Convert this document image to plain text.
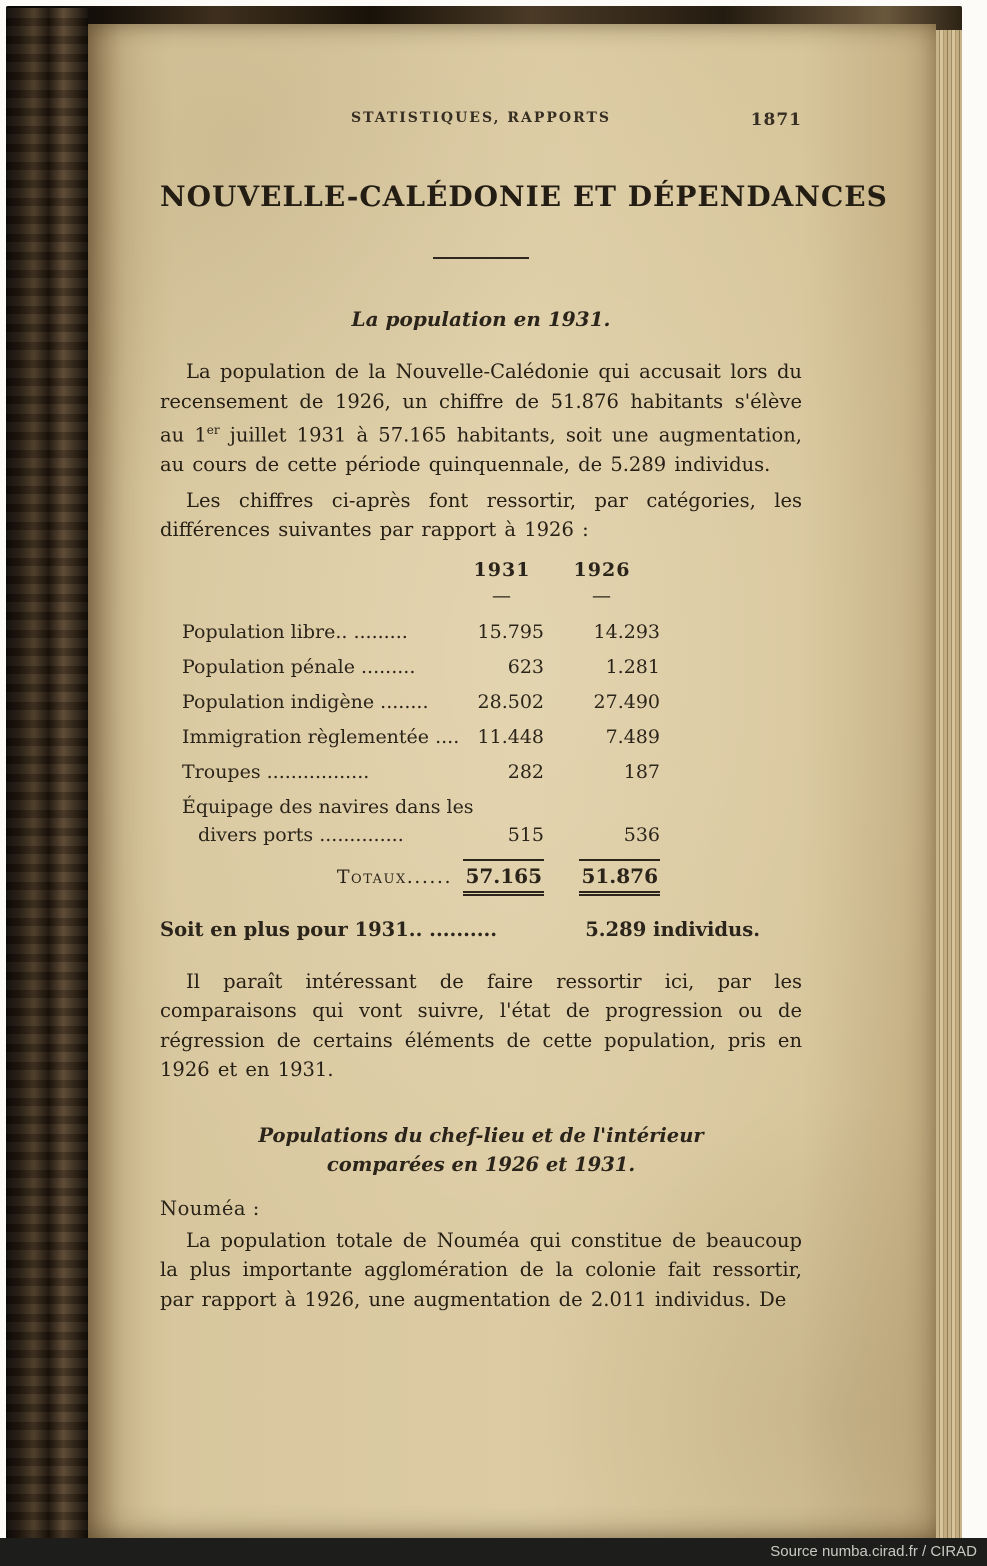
STATISTIQUES, RAPPORTS	1871
NOUVELLE-CALÉDONIE ET DÉPENDANCES
La population en 1931.

La population de la Nouvelle-Calédonie qui accusait lors du recensement de 1926, un chiffre de 51.876 habitants s'élève au 1er juillet 1931 à 57.165 habitants, soit une augmentation, au cours de cette période quinquennale, de 5.289 individus.

Les chiffres ci-après font ressortir, par catégories, les différences suivantes par rapport à 1926 :

1931	1926
—	—
Population libre.. .........	15.795	14.293
Population pénale .........	623	1.281
Population indigène ........	28.502	27.490
Immigration règlementée .... 11.448	7.489
Troupes .................	282	187
Équipage des navires dans les
divers ports ..............	515	536
Totaux...... 57.165	51.876
Soit en plus pour 1931.. ..........	5.289 individus.

Il paraît intéressant de faire ressortir ici, par les comparaisons qui vont suivre, l'état de progression ou de régression de certains éléments de cette population, pris en 1926 et en 1931.

Populations du chef-lieu et de l'intérieur
comparées en 1926 et 1931.
Nouméa :

La population totale de Nouméa qui constitue de beaucoup la plus importante agglomération de la colonie fait ressortir, par rapport à 1926, une augmentation de 2.011 individus. De

Source numba.cirad.fr / CIRAD
